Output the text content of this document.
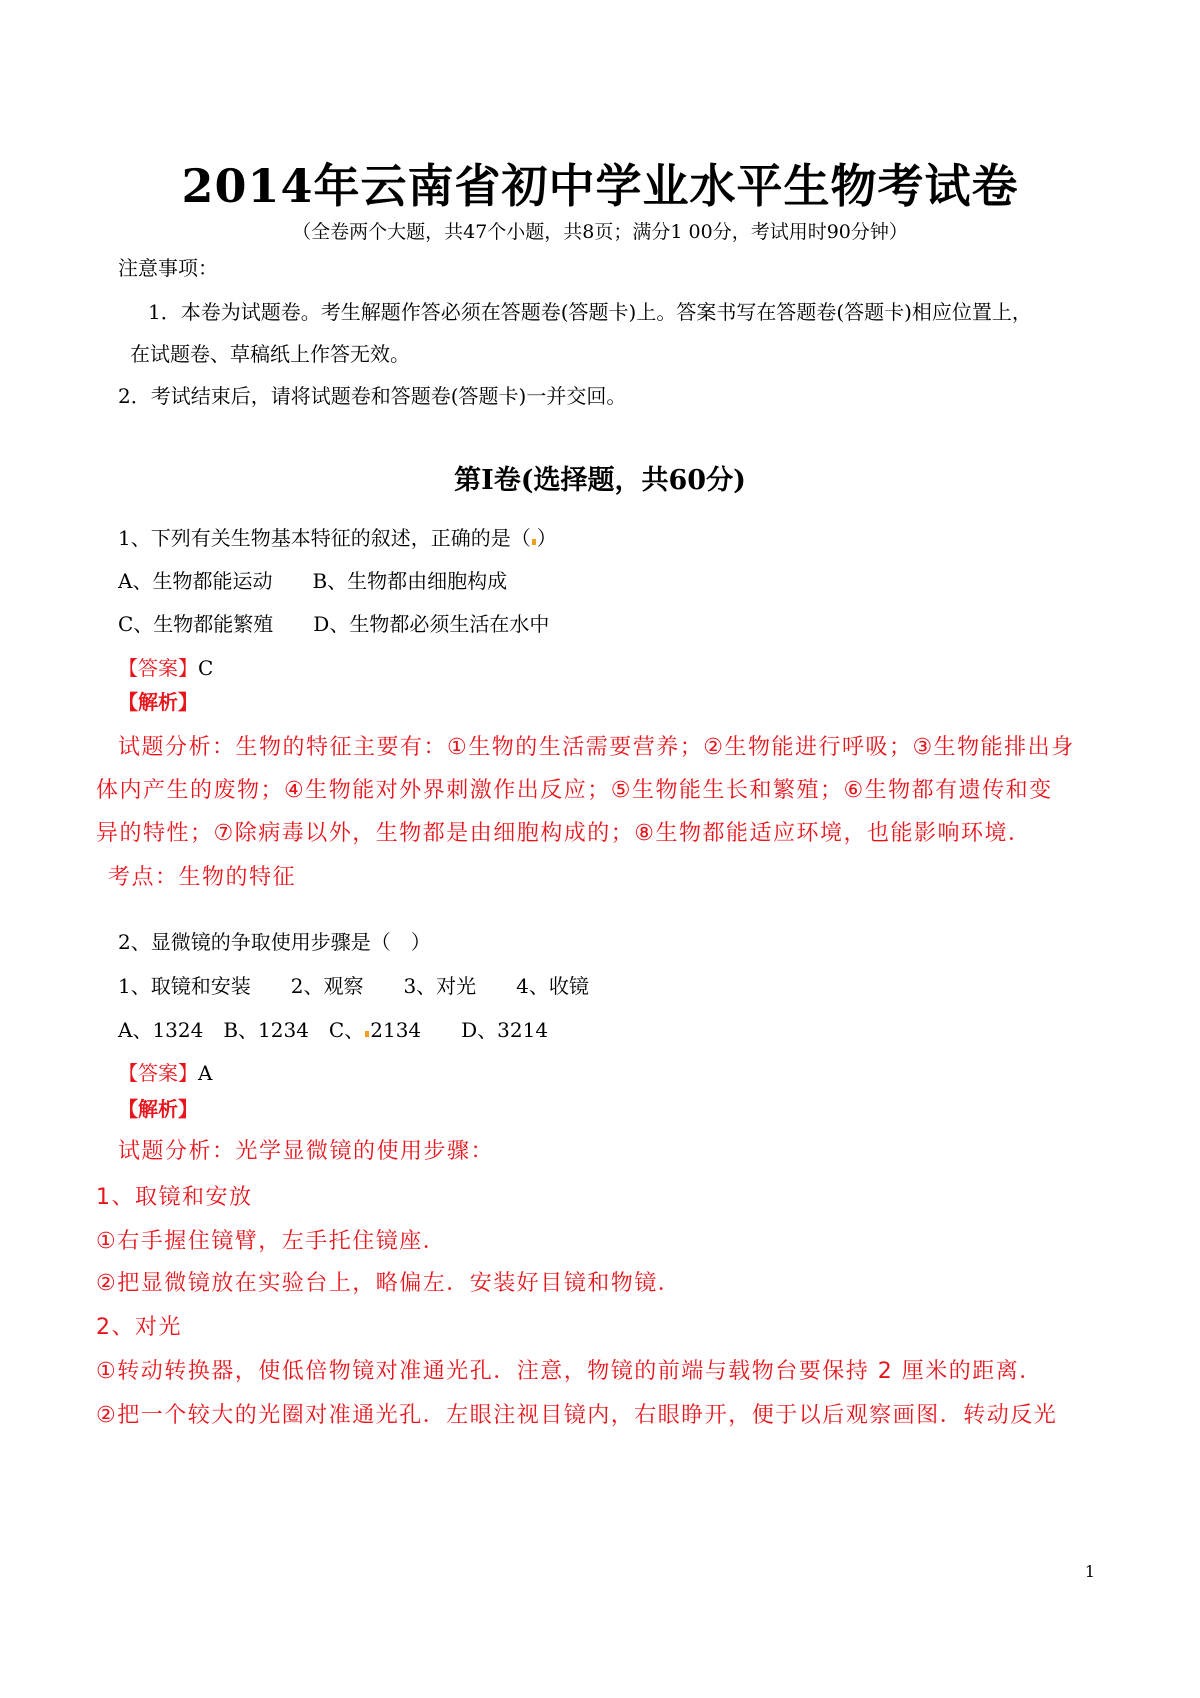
2014年云南省初中学业水平生物考试卷
（全卷两个大题，共47个小题，共8页；满分1 00分，考试用时90分钟）
注意事项：
1．本卷为试题卷。考生解题作答必须在答题卷(答题卡)上。答案书写在答题卷(答题卡)相应位置上，
在试题卷、草稿纸上作答无效。
2．考试结束后，请将试题卷和答题卷(答题卡)一并交回。
第Ⅰ卷(选择题，共60分)
1、下列有关生物基本特征的叙述，正确的是（ ）
A、生物都能运动　　B、生物都由细胞构成
C、生物都能繁殖　　D、生物都必须生活在水中
【答案】C
【解析】
试题分析：生物的特征主要有：①生物的生活需要营养；②生物能进行呼吸；③生物能排出身
体内产生的废物；④生物能对外界刺激作出反应；⑤生物能生长和繁殖；⑥生物都有遗传和变
异的特性；⑦除病毒以外，生物都是由细胞构成的；⑧生物都能适应环境，也能影响环境．
考点：生物的特征
2、显微镜的争取使用步骤是（　）
1、取镜和安装　　2、观察　　3、对光　　4、收镜
A、1324　B、1234　C、 2134　　D、3214
【答案】A
【解析】
试题分析：光学显微镜的使用步骤：
1、取镜和安放
①右手握住镜臂，左手托住镜座．
②把显微镜放在实验台上，略偏左．安装好目镜和物镜．
2、对光
①转动转换器，使低倍物镜对准通光孔．注意，物镜的前端与载物台要保持 2 厘米的距离．
②把一个较大的光圈对准通光孔．左眼注视目镜内，右眼睁开，便于以后观察画图．转动反光
1
